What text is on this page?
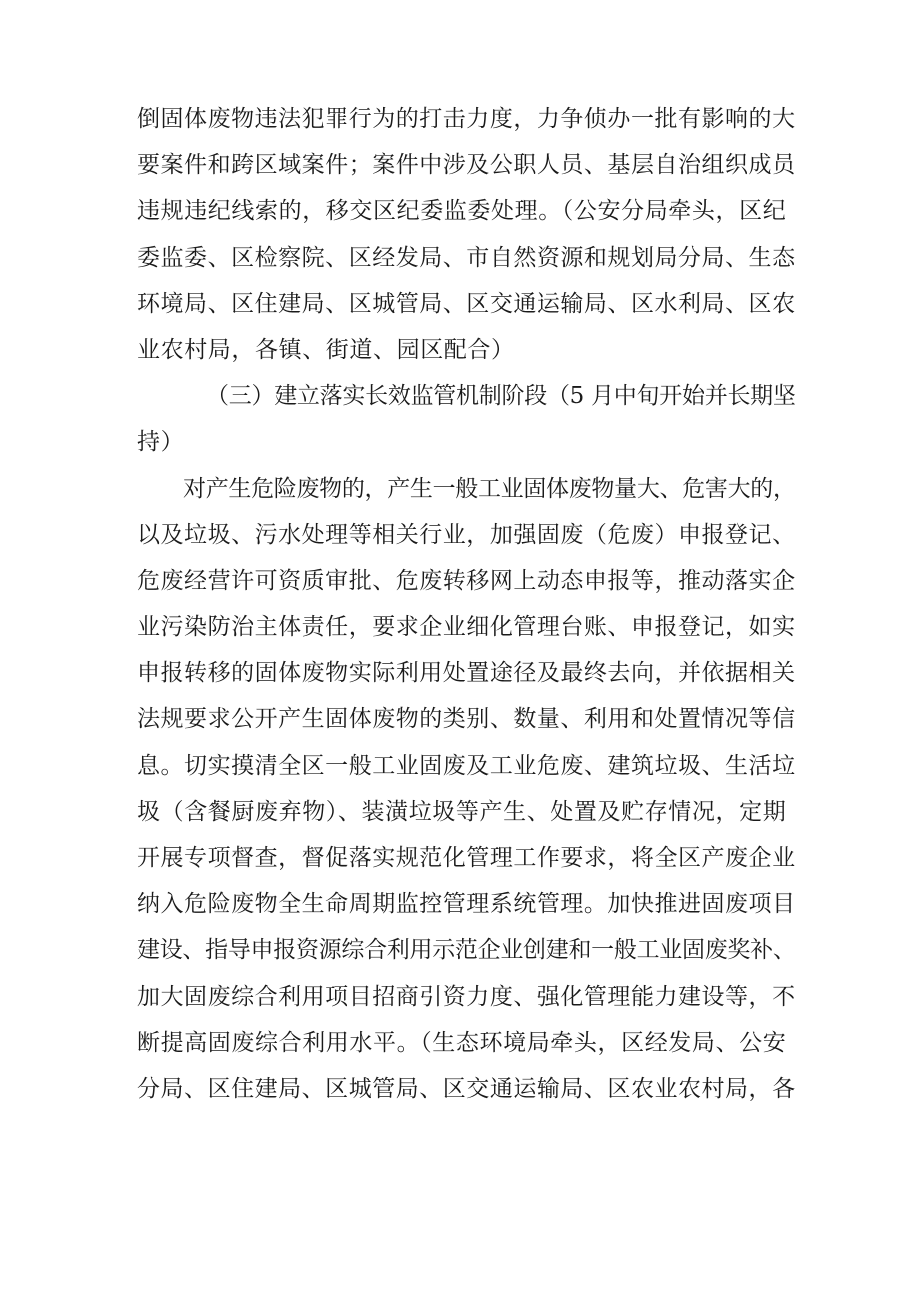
倒固体废物违法犯罪行为的打击力度，力争侦办一批有影响的大
要案件和跨区域案件；案件中涉及公职人员、基层自治组织成员
违规违纪线索的，移交区纪委监委处理。（公安分局牵头，区纪
委监委、区检察院、区经发局、市自然资源和规划局分局、生态
环境局、区住建局、区城管局、区交通运输局、区水利局、区农
业农村局，各镇、街道、园区配合）
（三）建立落实长效监管机制阶段（5 月中旬开始并长期坚
持）
对产生危险废物的，产生一般工业固体废物量大、危害大的，
以及垃圾、污水处理等相关行业，加强固废（危废）申报登记、
危废经营许可资质审批、危废转移网上动态申报等，推动落实企
业污染防治主体责任，要求企业细化管理台账、申报登记，如实
申报转移的固体废物实际利用处置途径及最终去向，并依据相关
法规要求公开产生固体废物的类别、数量、利用和处置情况等信
息。切实摸清全区一般工业固废及工业危废、建筑垃圾、生活垃
圾（含餐厨废弃物）、装潢垃圾等产生、处置及贮存情况，定期
开展专项督查，督促落实规范化管理工作要求，将全区产废企业
纳入危险废物全生命周期监控管理系统管理。加快推进固废项目
建设、指导申报资源综合利用示范企业创建和一般工业固废奖补、
加大固废综合利用项目招商引资力度、强化管理能力建设等，不
断提高固废综合利用水平。（生态环境局牵头，区经发局、公安
分局、区住建局、区城管局、区交通运输局、区农业农村局，各
